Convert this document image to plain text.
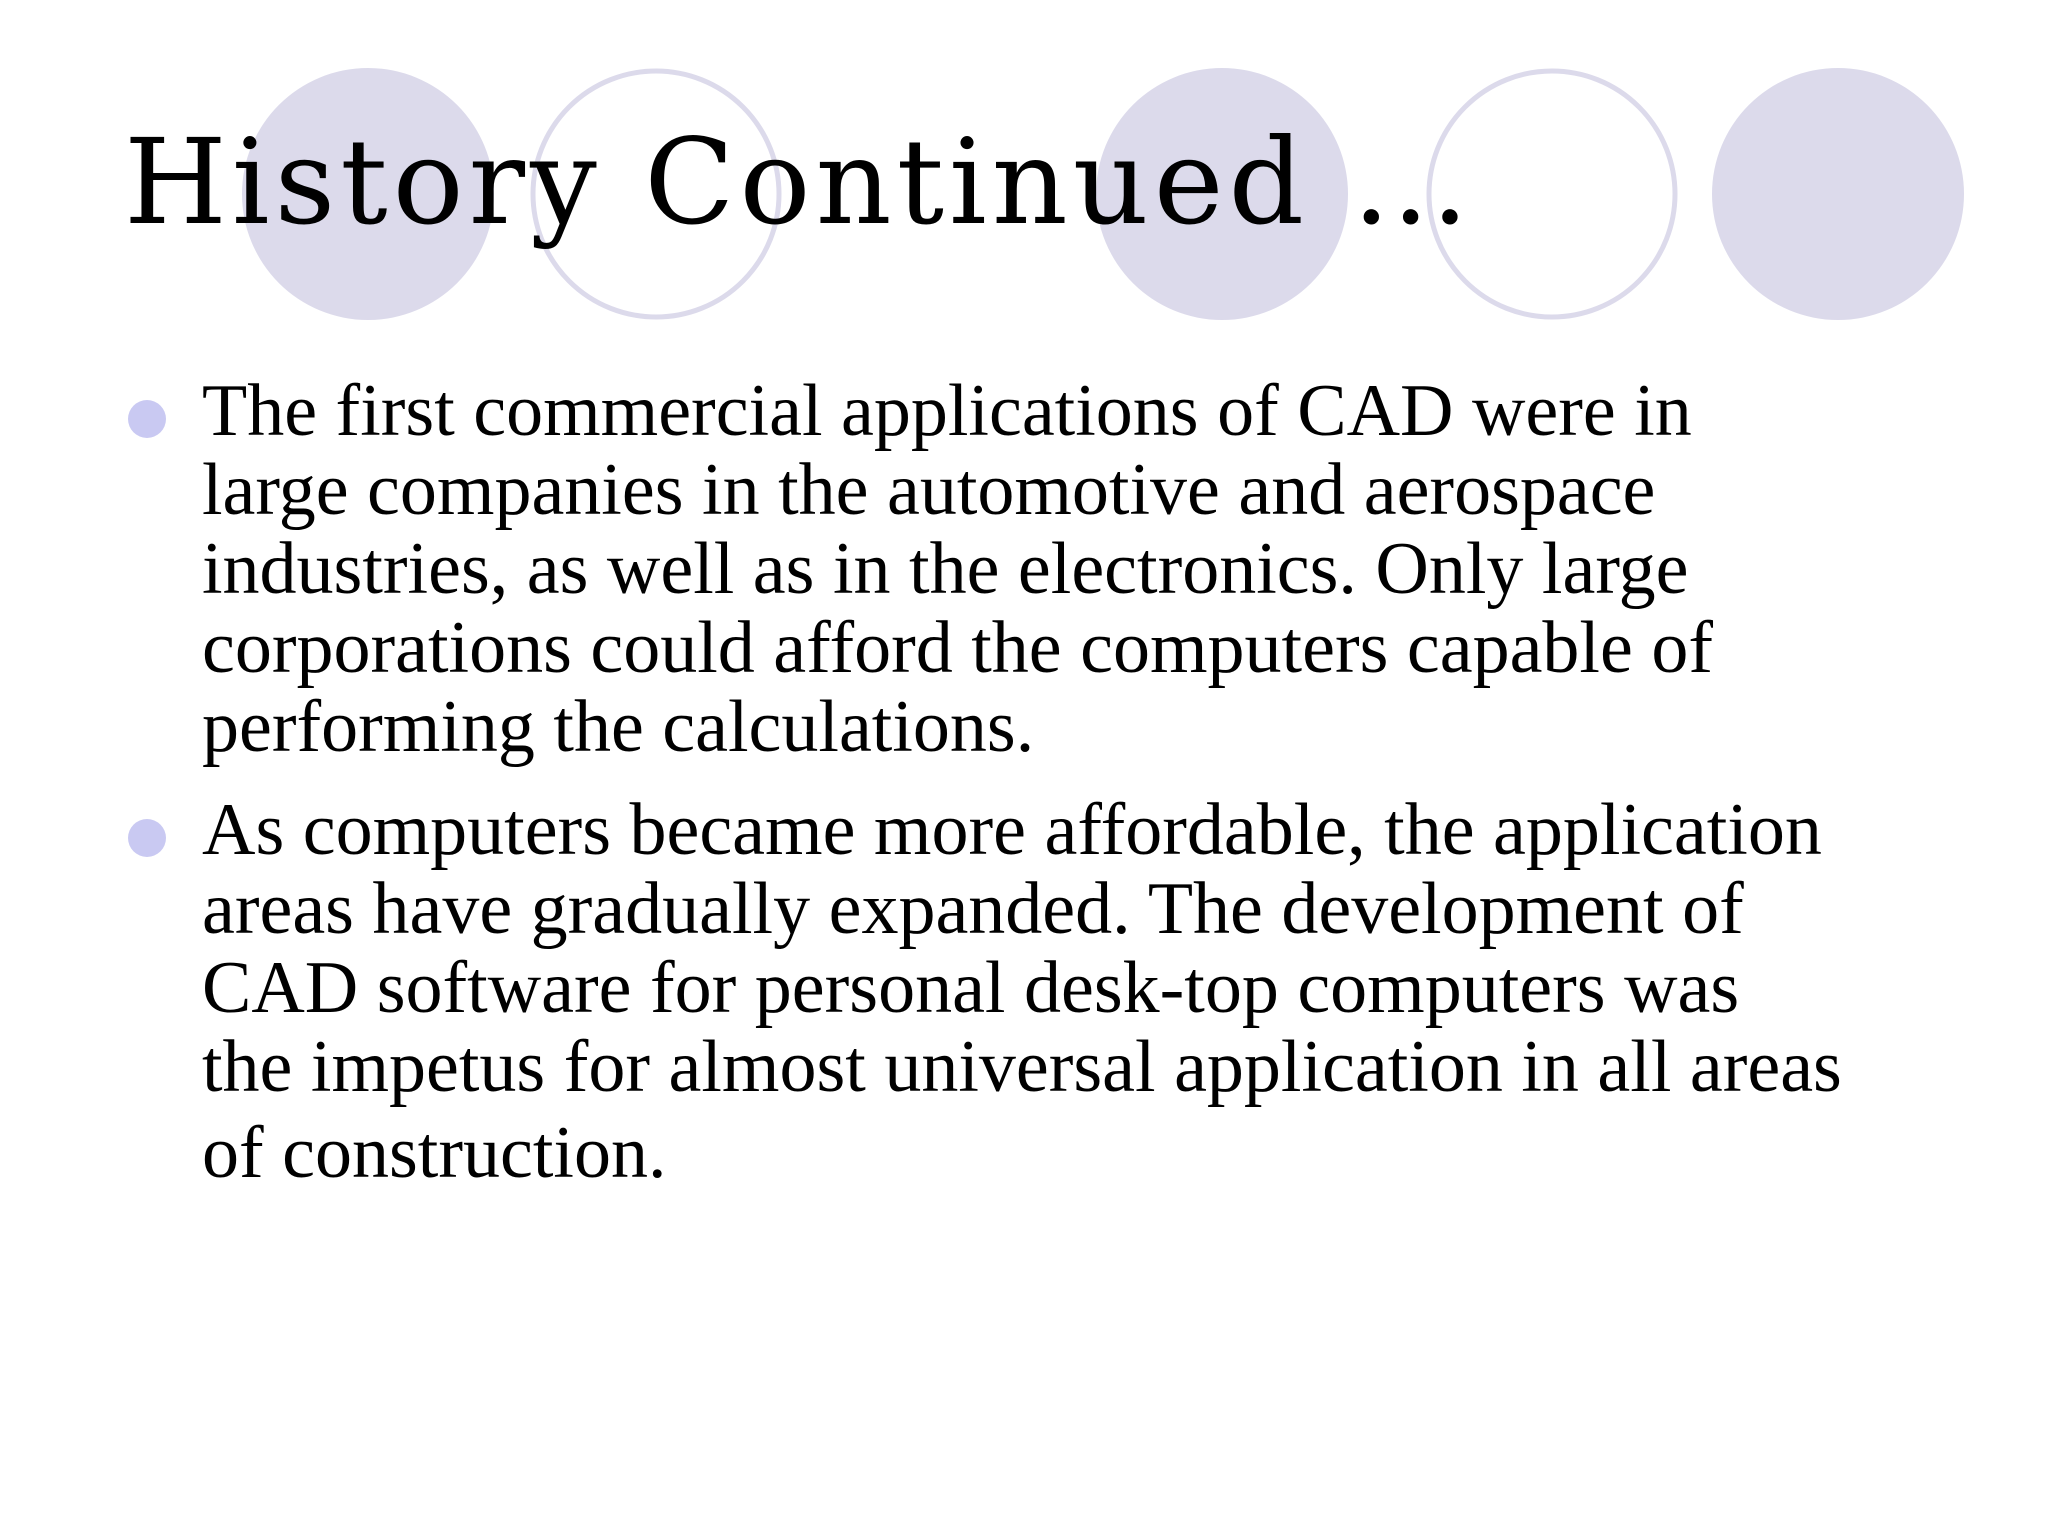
History Continued …
The first commercial applications of CAD were in
large companies in the automotive and aerospace
industries, as well as in the electronics. Only large
corporations could afford the computers capable of
performing the calculations.
As computers became more affordable, the application
areas have gradually expanded. The development of
CAD software for personal desk-top computers was
the impetus for almost universal application in all areas
of construction.
